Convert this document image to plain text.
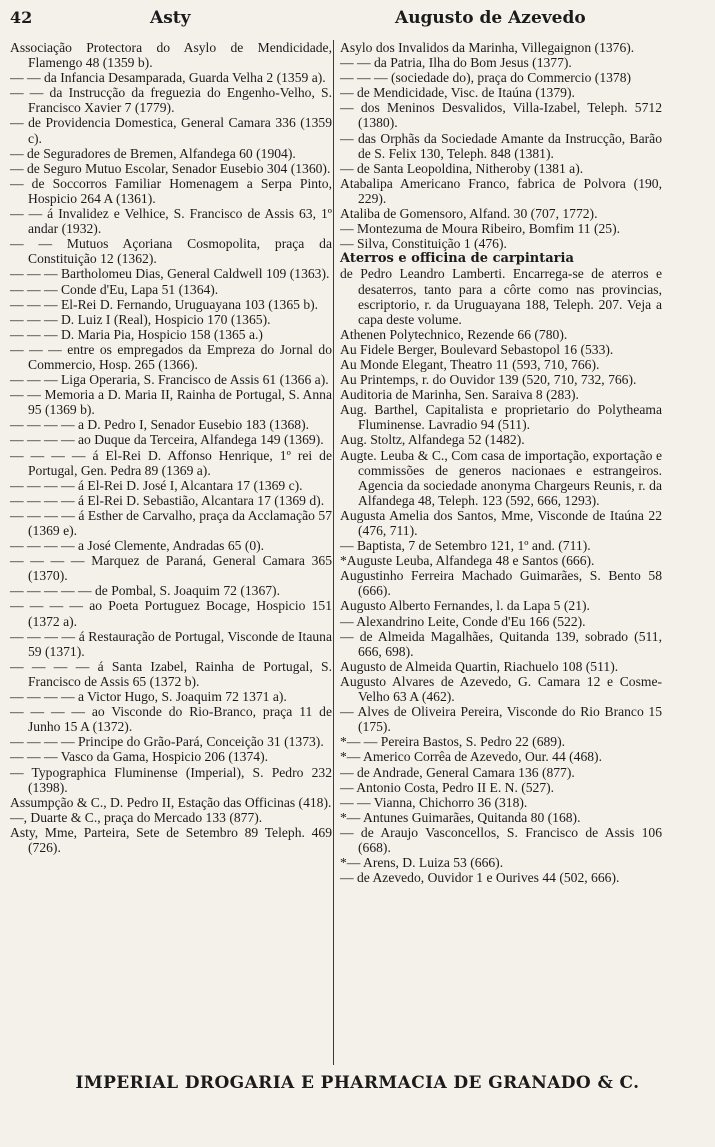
42	Asty	Augusto de Azevedo

Associação Protectora do Asylo de Mendicidade, Flamengo 48 (1359 b).

— — da Infancia Desamparada, Guarda Velha 2 (1359 a).

— — da Instrucção da freguezia do Engenho-Velho, S. Francisco Xavier 7 (1779).

— de Providencia Domestica, General Camara 336 (1359 c).

— de Seguradores de Bremen, Alfandega 60 (1904).

— de Seguro Mutuo Escolar, Senador Eusebio 304 (1360).

— de Soccorros Familiar Homenagem a Serpa Pinto, Hospicio 264 A (1361).

— — á Invalidez e Velhice, S. Francisco de Assis 63, 1º andar (1932).

— — Mutuos Açoriana Cosmopolita, praça da Constituição 12 (1362).

— — — Bartholomeu Dias, General Caldwell 109 (1363).

— — — Conde d'Eu, Lapa 51 (1364).

— — — El-Rei D. Fernando, Uruguayana 103 (1365 b).

— — — D. Luiz I (Real), Hospicio 170 (1365).

— — — D. Maria Pia, Hospicio 158 (1365 a.)

— — — entre os empregados da Empreza do Jornal do Commercio, Hosp. 265 (1366).

— — — Liga Operaria, S. Francisco de Assis 61 (1366 a).

— — Memoria a D. Maria II, Rainha de Portugal, S. Anna 95 (1369 b).

— — — — a D. Pedro I, Senador Eusebio 183 (1368).

— — — — ao Duque da Terceira, Alfandega 149 (1369).

— — — — á El-Rei D. Affonso Henrique, 1º rei de Portugal, Gen. Pedra 89 (1369 a).

— — — — á El-Rei D. José I, Alcantara 17 (1369 c).

— — — — á El-Rei D. Sebastião, Alcantara 17 (1369 d).

— — — — á Esther de Carvalho, praça da Acclamação 57 (1369 e).

— — — — a José Clemente, Andradas 65 (0).

— — — — Marquez de Paraná, General Camara 365 (1370).

— — — — — de Pombal, S. Joaquim 72 (1367).

— — — — ao Poeta Portuguez Bocage, Hospicio 151 (1372 a).

— — — — á Restauração de Portugal, Visconde de Itauna 59 (1371).

— — — — á Santa Izabel, Rainha de Portugal, S. Francisco de Assis 65 (1372 b).

— — — — a Victor Hugo, S. Joaquim 72 1371 a).

— — — — ao Visconde do Rio-Branco, praça 11 de Junho 15 A (1372).

— — — — Principe do Grão-Pará, Conceição 31 (1373).

— — — Vasco da Gama, Hospicio 206 (1374).

— Typographica Fluminense (Imperial), S. Pedro 232 (1398).

Assumpção & C., D. Pedro II, Estação das Officinas (418).

—, Duarte & C., praça do Mercado 133 (877).

Asty, Mme, Parteira, Sete de Setembro 89 Teleph. 469 (726).

Asylo dos Invalidos da Marinha, Villegaignon (1376).

— — da Patria, Ilha do Bom Jesus (1377).

— — — (sociedade do), praça do Commercio (1378)

— de Mendicidade, Visc. de Itaúna (1379).

— dos Meninos Desvalidos, Villa-Izabel, Teleph. 5712 (1380).

— das Orphãs da Sociedade Amante da Instrucção, Barão de S. Felix 130, Teleph. 848 (1381).

— de Santa Leopoldina, Nitheroby (1381 a).

Atabalipa Americano Franco, fabrica de Polvora (190, 229).

Ataliba de Gomensoro, Alfand. 30 (707, 1772).

— Montezuma de Moura Ribeiro, Bomfim 11 (25).

— Silva, Constituição 1 (476).

Aterros e officina de carpintaria

de Pedro Leandro Lamberti. Encarrega-se de aterros e desaterros, tanto para a côrte como nas provincias, escriptorio, r. da Uruguayana 188, Teleph. 207. Veja a capa deste volume.

Athenen Polytechnico, Rezende 66 (780).

Au Fidele Berger, Boulevard Sebastopol 16 (533).

Au Monde Elegant, Theatro 11 (593, 710, 766).

Au Printemps, r. do Ouvidor 139 (520, 710, 732, 766).

Auditoria de Marinha, Sen. Saraiva 8 (283).

Aug. Barthel, Capitalista e proprietario do Polytheama Fluminense. Lavradio 94 (511).

Aug. Stoltz, Alfandega 52 (1482).

Augte. Leuba & C., Com casa de importação, exportação e commissões de generos nacionaes e estrangeiros. Agencia da sociedade anonyma Chargeurs Reunis, r. da Alfandega 48, Teleph. 123 (592, 666, 1293).

Augusta Amelia dos Santos, Mme, Visconde de Itaúna 22 (476, 711).

— Baptista, 7 de Setembro 121, 1º and. (711).

*Auguste Leuba, Alfandega 48 e Santos (666).

Augustinho Ferreira Machado Guimarães, S. Bento 58 (666).

Augusto Alberto Fernandes, l. da Lapa 5 (21).

— Alexandrino Leite, Conde d'Eu 166 (522).

— de Almeida Magalhães, Quitanda 139, sobrado (511, 666, 698).

Augusto de Almeida Quartin, Riachuelo 108 (511).

Augusto Alvares de Azevedo, G. Camara 12 e Cosme-Velho 63 A (462).

— Alves de Oliveira Pereira, Visconde do Rio Branco 15 (175).

*— — Pereira Bastos, S. Pedro 22 (689).

*— Americo Corrêa de Azevedo, Our. 44 (468).

— de Andrade, General Camara 136 (877).

— Antonio Costa, Pedro II E. N. (527).

— — Vianna, Chichorro 36 (318).

*— Antunes Guimarães, Quitanda 80 (168).

— de Araujo Vasconcellos, S. Francisco de Assis 106 (668).

*— Arens, D. Luiza 53 (666).

— de Azevedo, Ouvidor 1 e Ourives 44 (502, 666).

IMPERIAL DROGARIA E PHARMACIA DE GRANADO & C.
